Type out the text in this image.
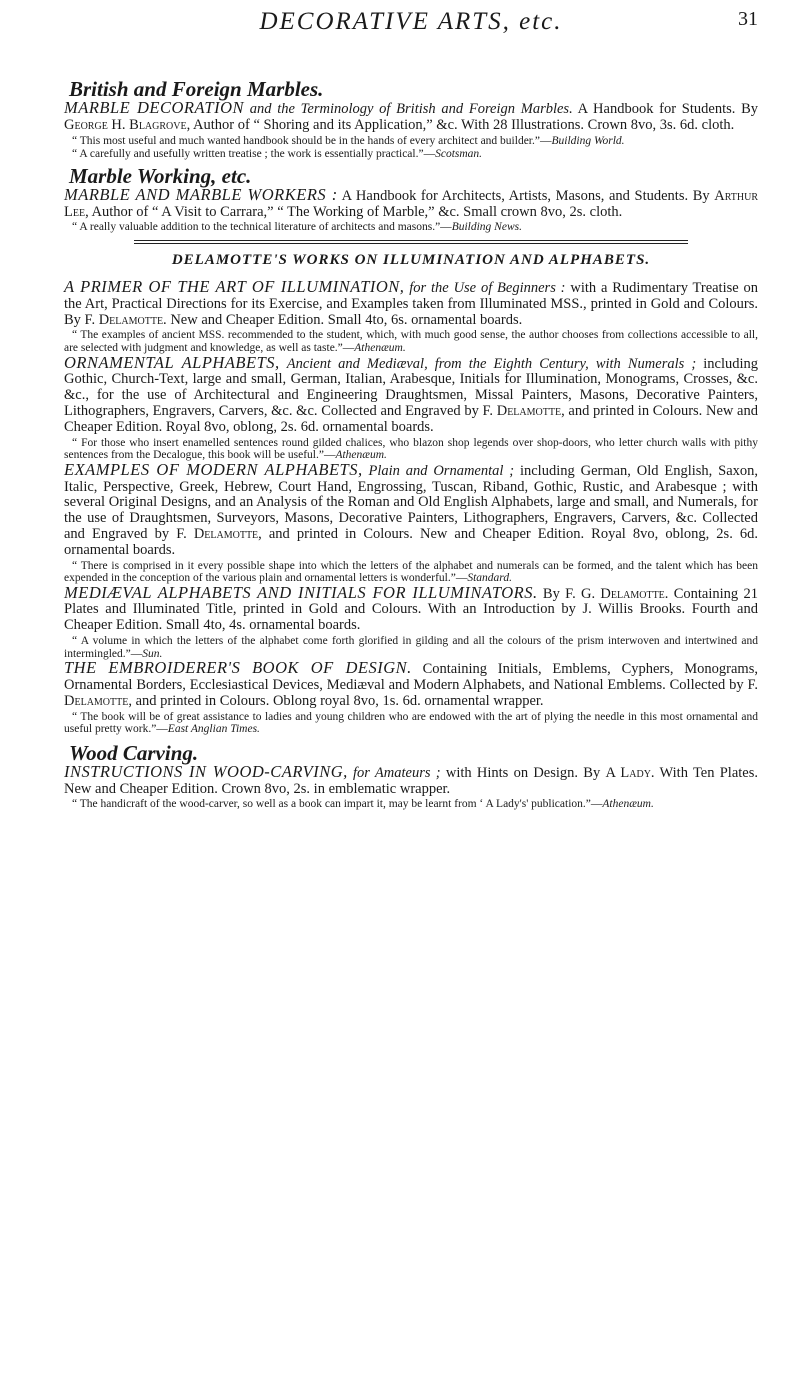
DECORATIVE ARTS, etc.	31
British and Foreign Marbles.

MARBLE DECORATION and the Terminology of British and Foreign Marbles. A Handbook for Students. By George H. Blagrove, Author of “ Shoring and its Application,” &c. With 28 Illustrations. Crown 8vo, 3s. 6d. cloth.

“ This most useful and much wanted handbook should be in the hands of every architect and builder.”—Building World.

“ A carefully and usefully written treatise ; the work is essentially practical.”—Scotsman.

Marble Working, etc.

MARBLE AND MARBLE WORKERS : A Handbook for Architects, Artists, Masons, and Students. By Arthur Lee, Author of “ A Visit to Carrara,” “ The Working of Marble,” &c. Small crown 8vo, 2s. cloth.

“ A really valuable addition to the technical literature of architects and masons.”—Building News.

DELAMOTTE'S WORKS ON ILLUMINATION AND ALPHABETS.

A PRIMER OF THE ART OF ILLUMINATION, for the Use of Beginners : with a Rudimentary Treatise on the Art, Practical Directions for its Exercise, and Examples taken from Illuminated MSS., printed in Gold and Colours. By F. Delamotte. New and Cheaper Edition. Small 4to, 6s. ornamental boards.

“ The examples of ancient MSS. recommended to the student, which, with much good sense, the author chooses from collections accessible to all, are selected with judgment and knowledge, as well as taste.”—Athenæum.

ORNAMENTAL ALPHABETS, Ancient and Mediæval, from the Eighth Century, with Numerals ; including Gothic, Church-Text, large and small, German, Italian, Arabesque, Initials for Illumination, Monograms, Crosses, &c. &c., for the use of Architectural and Engineering Draughtsmen, Missal Painters, Masons, Decorative Painters, Lithographers, Engravers, Carvers, &c. &c. Collected and Engraved by F. Delamotte, and printed in Colours. New and Cheaper Edition. Royal 8vo, oblong, 2s. 6d. ornamental boards.

“ For those who insert enamelled sentences round gilded chalices, who blazon shop legends over shop-doors, who letter church walls with pithy sentences from the Decalogue, this book will be useful.”—Athenæum.

EXAMPLES OF MODERN ALPHABETS, Plain and Ornamental ; including German, Old English, Saxon, Italic, Perspective, Greek, Hebrew, Court Hand, Engrossing, Tuscan, Riband, Gothic, Rustic, and Arabesque ; with several Original Designs, and an Analysis of the Roman and Old English Alphabets, large and small, and Numerals, for the use of Draughtsmen, Surveyors, Masons, Decorative Painters, Lithographers, Engravers, Carvers, &c. Collected and Engraved by F. Delamotte, and printed in Colours. New and Cheaper Edition. Royal 8vo, oblong, 2s. 6d. ornamental boards.

“ There is comprised in it every possible shape into which the letters of the alphabet and numerals can be formed, and the talent which has been expended in the conception of the various plain and ornamental letters is wonderful.”—Standard.

MEDIÆVAL ALPHABETS AND INITIALS FOR ILLUMINATORS. By F. G. Delamotte. Containing 21 Plates and Illuminated Title, printed in Gold and Colours. With an Introduction by J. Willis Brooks. Fourth and Cheaper Edition. Small 4to, 4s. ornamental boards.

“ A volume in which the letters of the alphabet come forth glorified in gilding and all the colours of the prism interwoven and intertwined and intermingled.”—Sun.

THE EMBROIDERER'S BOOK OF DESIGN. Containing Initials, Emblems, Cyphers, Monograms, Ornamental Borders, Ecclesiastical Devices, Mediæval and Modern Alphabets, and National Emblems. Collected by F. Delamotte, and printed in Colours. Oblong royal 8vo, 1s. 6d. ornamental wrapper.

“ The book will be of great assistance to ladies and young children who are endowed with the art of plying the needle in this most ornamental and useful pretty work.”—East Anglian Times.

Wood Carving.

INSTRUCTIONS IN WOOD-CARVING, for Amateurs ; with Hints on Design. By A Lady. With Ten Plates. New and Cheaper Edition. Crown 8vo, 2s. in emblematic wrapper.

“ The handicraft of the wood-carver, so well as a book can impart it, may be learnt from ‘ A Lady's' publication.”—Athenæum.
